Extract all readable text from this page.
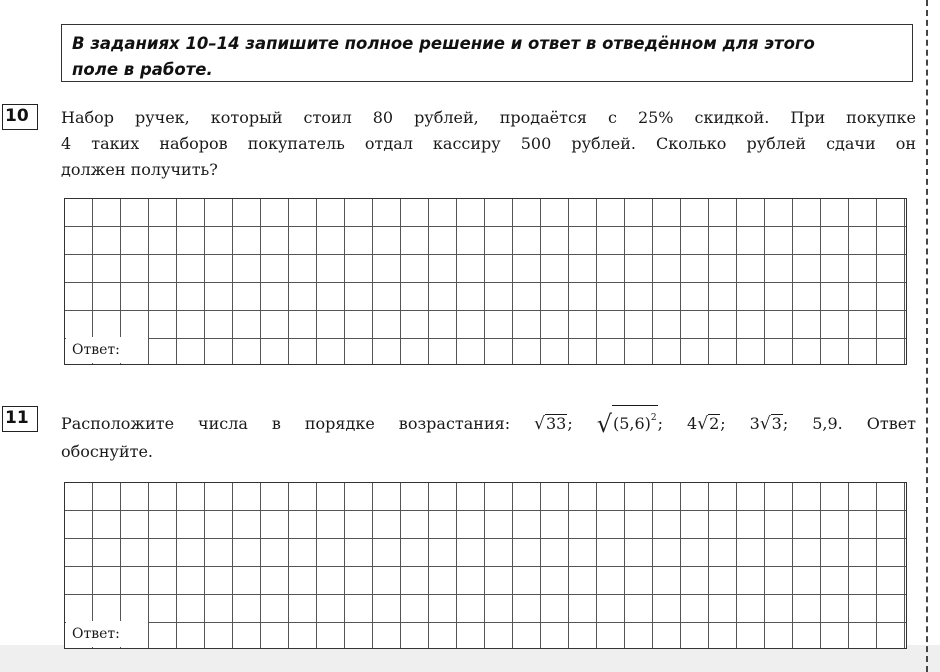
В заданиях 10–14 запишите полное решение и ответ в отведённом для этого
поле в работе.
10	Набор ручек, который стоил 80 рублей, продаётся с 25% скидкой. При покупке
4 таких наборов покупатель отдал кассиру 500 рублей. Сколько рублей сдачи он
должен получить?
Ответ:
11	Расположите числа в порядке возрастания: √33; $√(5,6)^2$; 4√2; 3√3; 5,9. Ответ
обоснуйте.
Ответ:
